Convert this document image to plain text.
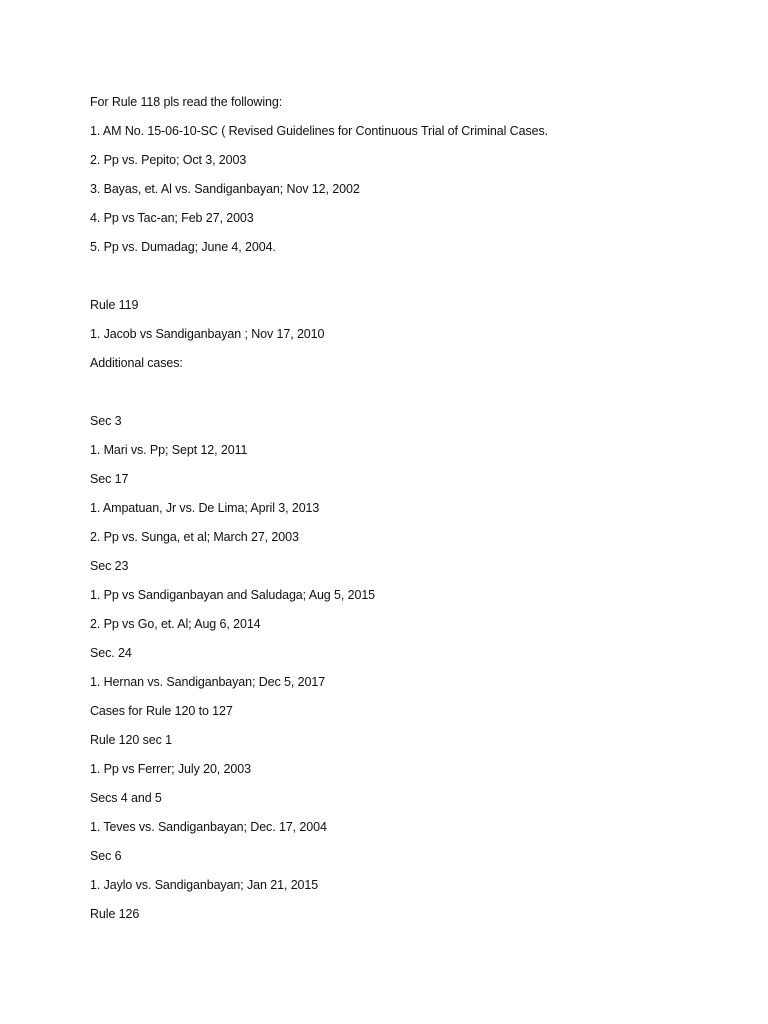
For Rule 118 pls read the following:
1. AM No. 15-06-10-SC ( Revised Guidelines for Continuous Trial of Criminal Cases.
2. Pp vs. Pepito; Oct 3, 2003
3. Bayas, et. Al vs. Sandiganbayan; Nov 12, 2002
4. Pp vs Tac-an; Feb 27, 2003
5. Pp vs. Dumadag; June 4, 2004.
Rule 119
1. Jacob vs Sandiganbayan ; Nov 17, 2010
Additional cases:
Sec 3
1. Mari vs. Pp; Sept 12, 2011
Sec 17
1. Ampatuan, Jr vs. De Lima; April 3, 2013
2. Pp vs. Sunga, et al; March 27, 2003
Sec 23
1. Pp vs Sandiganbayan and Saludaga; Aug 5, 2015
2. Pp vs Go, et. Al; Aug 6, 2014
Sec. 24
1. Hernan vs. Sandiganbayan; Dec 5, 2017
Cases for Rule 120 to 127
Rule 120 sec 1
1. Pp vs Ferrer; July 20, 2003
Secs 4 and 5
1. Teves vs. Sandiganbayan; Dec. 17, 2004
Sec 6
1. Jaylo vs. Sandiganbayan; Jan 21, 2015
Rule 126
